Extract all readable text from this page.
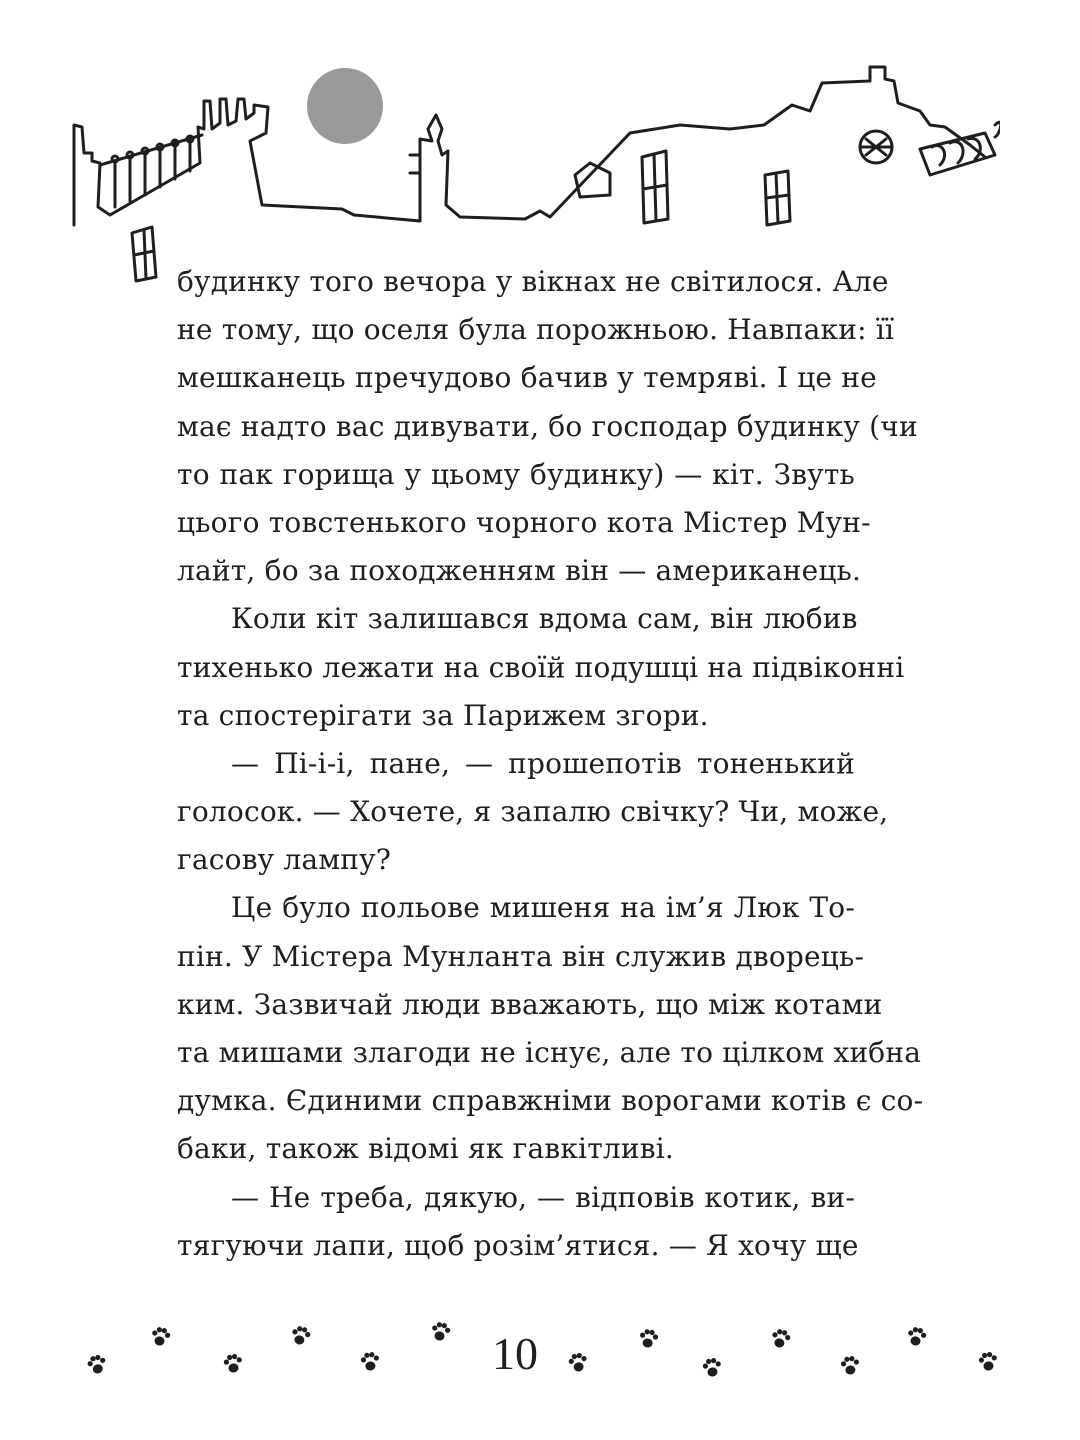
будинку того вечора у вікнах не світилося. Але
не тому, що оселя була порожньою. Навпаки: її
мешканець пречудово бачив у темряві. І це не
має надто вас дивувати, бо господар будинку (чи
то пак горища у цьому будинку) — кіт. Звуть
цього товстенького чорного кота Містер Мун-
лайт, бо за походженням він — американець.
Коли кіт залишався вдома сам, він любив
тихенько лежати на своїй подушці на підвіконні
та спостерігати за Парижем згори.
— Пі-і-і, пане, — прошепотів тоненький
голосок. — Хочете, я запалю свічку? Чи, може,
гасову лампу?
Це було польове мишеня на ім’я Люк То-
пін. У Містера Мунланта він служив дворець-
ким. Зазвичай люди вважають, що між котами
та мишами злагоди не існує, але то цілком хибна
думка. Єдиними справжніми ворогами котів є со-
баки, також відомі як гавкітливі.
— Не треба, дякую, — відповів котик, ви-
тягуючи лапи, щоб розім’ятися. — Я хочу ще
10
